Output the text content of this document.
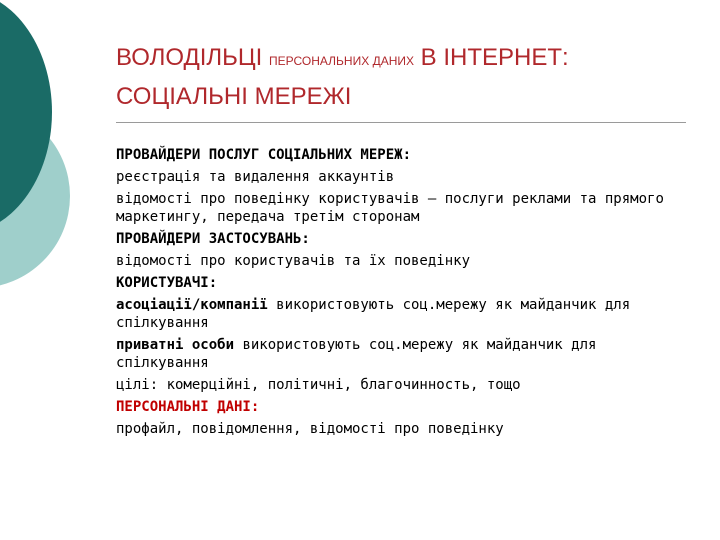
ВОЛОДІЛЬЦІ ПЕРСОНАЛЬНИХ ДАНИХ В ІНТЕРНЕТ:
СОЦІАЛЬНІ МЕРЕЖІ
ПРОВАЙДЕРИ ПОСЛУГ СОЦІАЛЬНИХ МЕРЕЖ:
реєстрація та видалення аккаунтів
відомості про поведінку користувачів – послуги реклами та прямого маркетингу, передача третім сторонам
ПРОВАЙДЕРИ ЗАСТОСУВАНЬ:
відомості про користувачів та їх поведінку
КОРИСТУВАЧІ:
асоціації/компанії використовують соц.мережу як майданчик для спілкування
приватні особи використовують соц.мережу як майданчик для спілкування
цілі: комерційні, політичні, благочинность, тощо
ПЕРСОНАЛЬНІ ДАНІ:
профайл, повідомлення, відомості про поведінку
